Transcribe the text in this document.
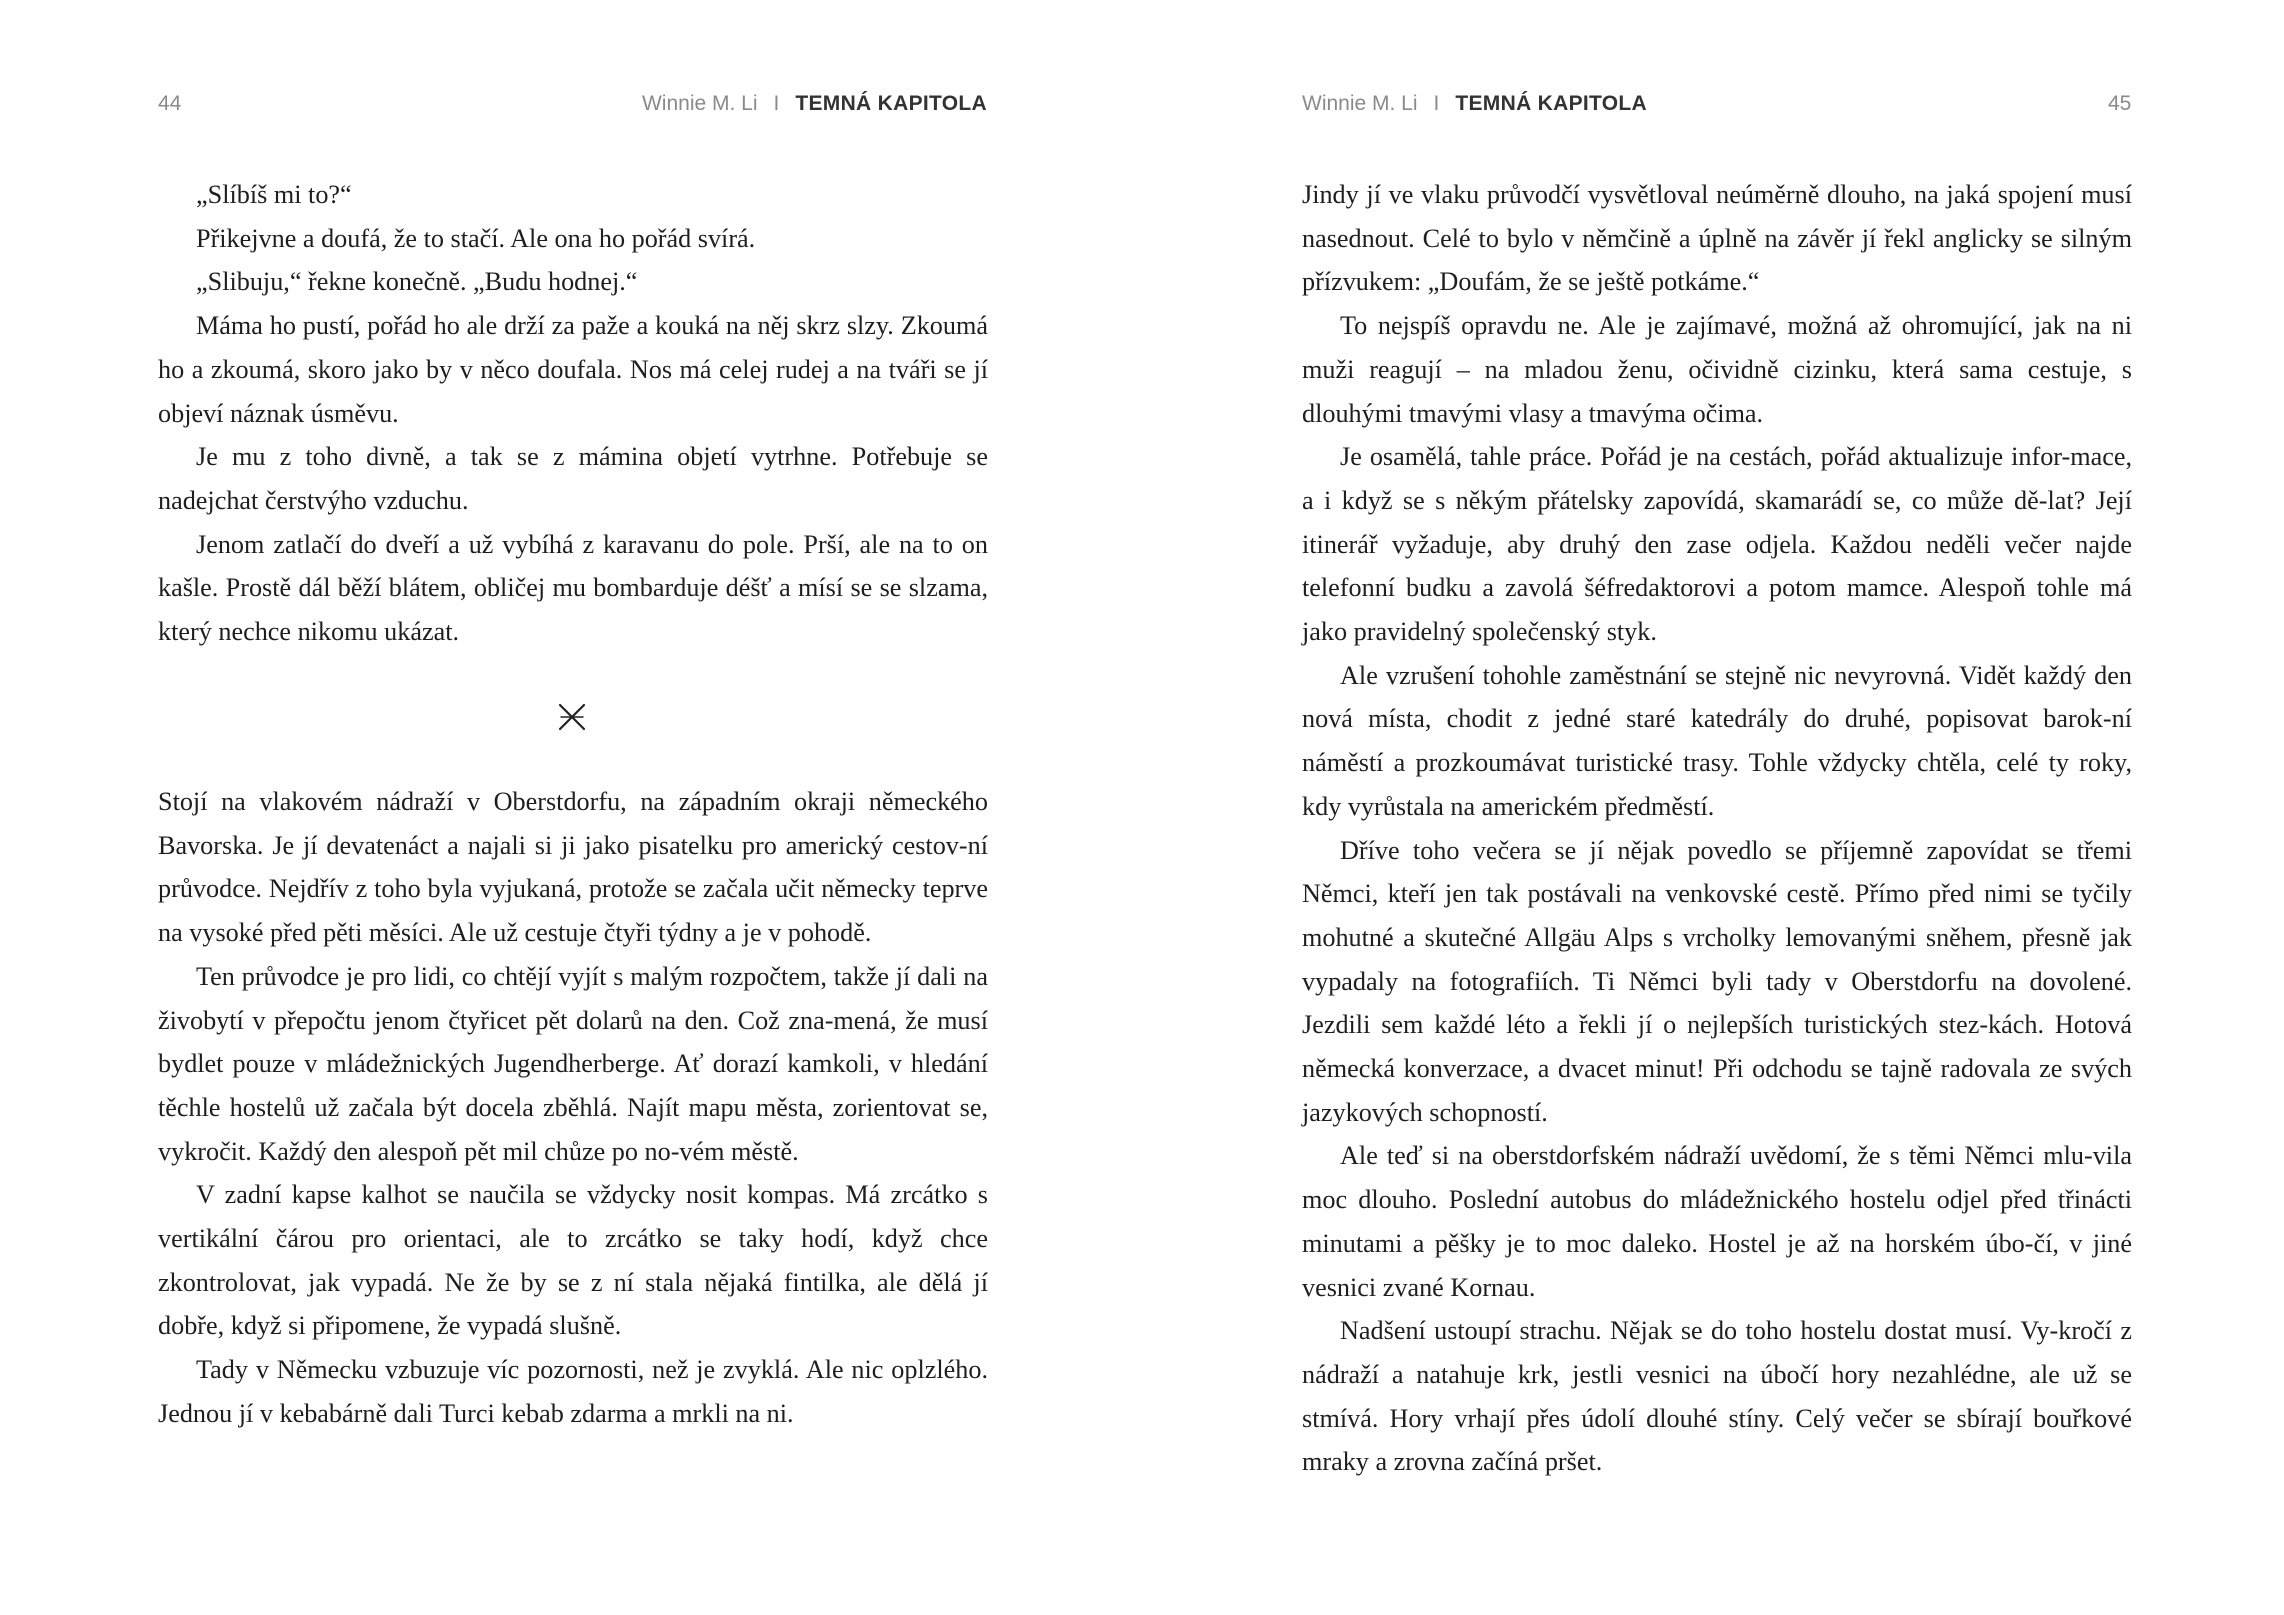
44	Winnie M. Li I TEMNÁ KAPITOLA

„Slíbíš mi to?“

Přikejvne a doufá, že to stačí. Ale ona ho pořád svírá.

„Slibuju,“ řekne konečně. „Budu hodnej.“

Máma ho pustí, pořád ho ale drží za paže a kouká na něj skrz slzy. Zkoumá ho a zkoumá, skoro jako by v něco doufala. Nos má celej rudej a na tváři se jí objeví náznak úsměvu.

Je mu z toho divně, a tak se z mámina objetí vytrhne. Potřebuje se nadejchat čerstvýho vzduchu.

Jenom zatlačí do dveří a už vybíhá z karavanu do pole. Prší, ale na to on kašle. Prostě dál běží blátem, obličej mu bombarduje déšť a mísí se se slzama, který nechce nikomu ukázat.

Stojí na vlakovém nádraží v Oberstdorfu, na západním okraji německého Bavorska. Je jí devatenáct a najali si ji jako pisatelku pro americký cestov-ní průvodce. Nejdřív z toho byla vyjukaná, protože se začala učit německy teprve na vysoké před pěti měsíci. Ale už cestuje čtyři týdny a je v pohodě.

Ten průvodce je pro lidi, co chtějí vyjít s malým rozpočtem, takže jí dali na živobytí v přepočtu jenom čtyřicet pět dolarů na den. Což zna-mená, že musí bydlet pouze v mládežnických Jugendherberge. Ať dorazí kamkoli, v hledání těchle hostelů už začala být docela zběhlá. Najít mapu města, zorientovat se, vykročit. Každý den alespoň pět mil chůze po no-vém městě.

V zadní kapse kalhot se naučila se vždycky nosit kompas. Má zrcátko s vertikální čárou pro orientaci, ale to zrcátko se taky hodí, když chce zkontrolovat, jak vypadá. Ne že by se z ní stala nějaká fintilka, ale dělá jí dobře, když si připomene, že vypadá slušně.

Tady v Německu vzbuzuje víc pozornosti, než je zvyklá. Ale nic oplzlého. Jednou jí v kebabárně dali Turci kebab zdarma a mrkli na ni.

Winnie M. Li I TEMNÁ KAPITOLA	45

Jindy jí ve vlaku průvodčí vysvětloval neúměrně dlouho, na jaká spojení musí nasednout. Celé to bylo v němčině a úplně na závěr jí řekl anglicky se silným přízvukem: „Doufám, že se ještě potkáme.“

To nejspíš opravdu ne. Ale je zajímavé, možná až ohromující, jak na ni muži reagují – na mladou ženu, očividně cizinku, která sama cestuje, s dlouhými tmavými vlasy a tmavýma očima.

Je osamělá, tahle práce. Pořád je na cestách, pořád aktualizuje infor-mace, a i když se s někým přátelsky zapovídá, skamarádí se, co může dě-lat? Její itinerář vyžaduje, aby druhý den zase odjela. Každou neděli večer najde telefonní budku a zavolá šéfredaktorovi a potom mamce. Alespoň tohle má jako pravidelný společenský styk.

Ale vzrušení tohohle zaměstnání se stejně nic nevyrovná. Vidět každý den nová místa, chodit z jedné staré katedrály do druhé, popisovat barok-ní náměstí a prozkoumávat turistické trasy. Tohle vždycky chtěla, celé ty roky, kdy vyrůstala na americkém předměstí.

Dříve toho večera se jí nějak povedlo se příjemně zapovídat se třemi Němci, kteří jen tak postávali na venkovské cestě. Přímo před nimi se tyčily mohutné a skutečné Allgäu Alps s vrcholky lemovanými sněhem, přesně jak vypadaly na fotografiích. Ti Němci byli tady v Oberstdorfu na dovolené. Jezdili sem každé léto a řekli jí o nejlepších turistických stez-kách. Hotová německá konverzace, a dvacet minut! Při odchodu se tajně radovala ze svých jazykových schopností.

Ale teď si na oberstdorfském nádraží uvědomí, že s těmi Němci mlu-vila moc dlouho. Poslední autobus do mládežnického hostelu odjel před třinácti minutami a pěšky je to moc daleko. Hostel je až na horském úbo-čí, v jiné vesnici zvané Kornau.

Nadšení ustoupí strachu. Nějak se do toho hostelu dostat musí. Vy-kročí z nádraží a natahuje krk, jestli vesnici na úbočí hory nezahlédne, ale už se stmívá. Hory vrhají přes údolí dlouhé stíny. Celý večer se sbírají bouřkové mraky a zrovna začíná pršet.
